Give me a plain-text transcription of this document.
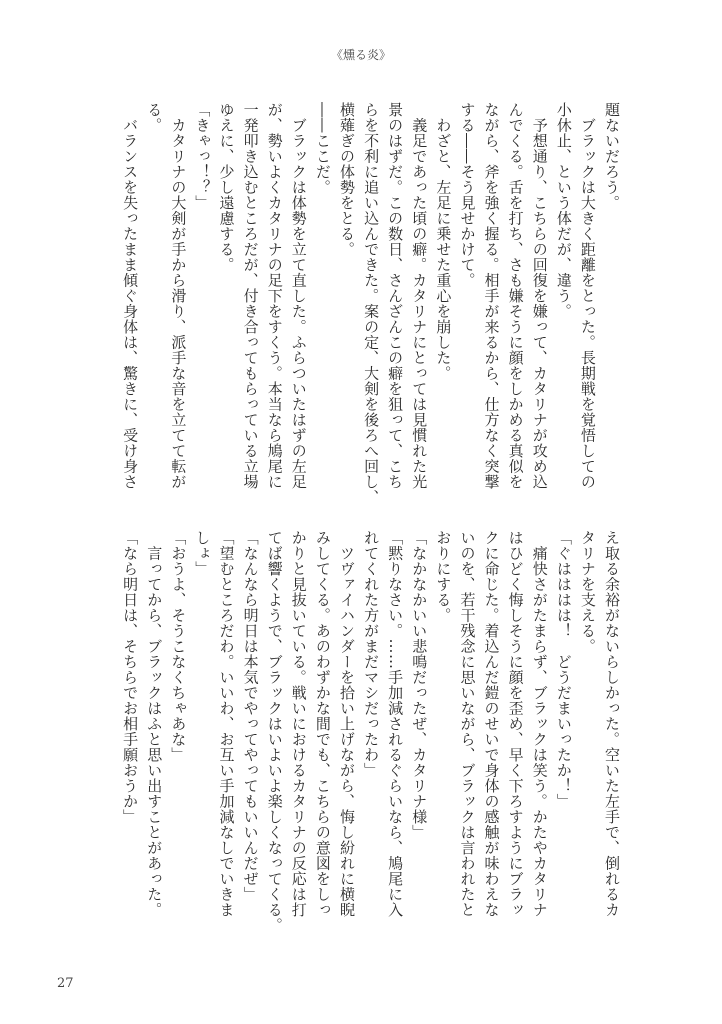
《燻る炎》
題ないだろう。
　ブラックは大きく距離をとった。長期戦を覚悟しての
小休止、という体だが、違う。
　予想通り、こちらの回復を嫌って、カタリナが攻め込
んでくる。舌を打ち、さも嫌そうに顔をしかめる真似を
ながら、斧を強く握る。相手が来るから、仕方なく突撃
する――そう見せかけて。
　わざと、左足に乗せた重心を崩した。
　義足であった頃の癖。カタリナにとっては見慣れた光
景のはずだ。この数日、さんざんこの癖を狙って、こち
らを不利に追い込んできた。案の定、大剣を後ろへ回し、
横薙ぎの体勢をとる。
――ここだ。
　ブラックは体勢を立て直した。ふらついたはずの左足
が、勢いよくカタリナの足下をすくう。本当なら鳩尾に
一発叩き込むところだが、付き合ってもらっている立場
ゆえに、少し遠慮する。
「きゃっ！？」
　カタリナの大剣が手から滑り、派手な音を立てて転が
る。
　バランスを失ったまま傾ぐ身体は、驚きに、受け身さ
え取る余裕がないらしかった。空いた左手で、倒れるカ
タリナを支える。
「ぐはははは！　どうだまいったか！」
　痛快さがたまらず、ブラックは笑う。かたやカタリナ
はひどく悔しそうに顔を歪め、早く下ろすようにブラッ
クに命じた。着込んだ鎧のせいで身体の感触が味わえな
いのを、若干残念に思いながら、ブラックは言われたと
おりにする。
「なかなかいい悲鳴だったぜ、カタリナ様」
「黙りなさい。……手加減されるぐらいなら、鳩尾に入
れてくれた方がまだマシだったわ」
　ツヴァイハンダーを拾い上げながら、悔し紛れに横睨
みしてくる。あのわずかな間でも、こちらの意図をしっ
かりと見抜いている。戦いにおけるカタリナの反応は打
てば響くようで、ブラックはいよいよ楽しくなってくる。
「なんなら明日は本気でやってやってもいいんだぜ」
「望むところだわ。いいわ、お互い手加減なしでいきま
しょ」
「おうよ、そうこなくちゃあな」
　言ってから、ブラックはふと思い出すことがあった。
「なら明日は、そちらでお相手願おうか」
27
